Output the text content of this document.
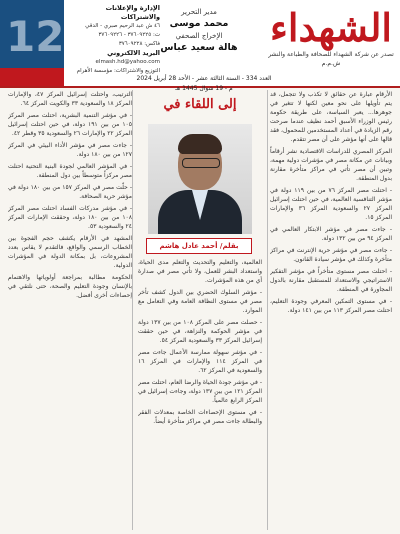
الشهداء
تصدر عن شركة الشهداء للصحافة والطباعة والنشر ش.م.م
مدير التحرير
محمد موسى
الإخراج الصحفي
هالة سعيد عباس
الإدارة والإعلانات والاشتراكات
٤٦ ش عبد الرحيم صبري - الدقي
ت: ٣٧٦٠٩٢٢٥ - ٣٧٦٠٩٢٢٦
فاكس: ٣٧٦٠٩٢٢٨
البريد الالكتروني
elmash.hd@yahoo.com
التوزيع والاشتراكات: مؤسسة الأهرام
12
العدد 334 - السنة الثالثة عشر - الأحد 28 أبريل 2024 م - 19 شوال 1445 هـ

الأرقام عبارة عن حقائق لا تكذب ولا تتجمل، قد يتم تأويلها على نحو معين لكنها لا تتغير في جوهرها... يعبر السياسة، على طريقة حكومة رئيس الوزراء الأسبق أحمد نظيف عندما صرحت رقم الزيادة في أعداد المستخدمين للمحمول، فقد قالها على أنها مؤشر على أن مصر تتقدم.

المركز المصري للدراسات الاقتصادية نشر أرقاماً وبيانات عن مكانة مصر في مؤشرات دولية مهمة، وتبين أن مصر تأتي في مراكز متأخرة مقارنة بدول المنطقة.

- احتلت مصر المركز ٧٦ من بين ١١٩ دولة في مؤشر التنافسية العالمية، في حين احتلت إسرائيل المركز ٢٧ والسعودية المركز ٣٦ والإمارات المركز ١٥.

- جاءت مصر في مؤشر الابتكار العالمي في المركز ٩٤ من بين ١٣٢ دولة.

- جاءت مصر في مؤشر حرية الإنترنت في مراكز متأخرة وكذلك في مؤشر سيادة القانون.

- احتلت مصر مستوى متأخراً في مؤشر التفكير الاستراتيجي والاستعداد للمستقبل مقارنة بالدول المجاورة في المنطقة.

- في مستوى التمكين المعرفي وجودة التعليم، احتلت مصر المركز ١١٣ من بين ١٤١ دولة.

إلى اللقاء في
بقلم/ أحمد عادل هاشم

العالمية، والتعليم والتحديث والتعلم مدى الحياة، واستعداد البشر للعمل، ولا تأتي مصر في صدارة أي من هذه المؤشرات.

- مؤشر السلوك الحضري بين الدول كشف تأخر مصر في مستوى النظافة العامة وفي التعامل مع الموارد.

- حصلت مصر على المركز ١٠٨ من بين ١٣٧ دولة في مؤشر الحوكمة والنزاهة، في حين حققت إسرائيل المركز ٣٣ والسعودية المركز ٥٤.

- في مؤشر سهولة ممارسة الأعمال جاءت مصر في المركز ١١٤ والإمارات في المركز ١٦ والسعودية في المركز ٦٢.

- في مؤشر جودة الحياة والرضا العام، احتلت مصر المركز ١٢١ من بين ١٣٧ دولة، وجاءت إسرائيل في المركز الرابع عالمياً.

- في مستوى الإحصاءات الخاصة بمعدلات الفقر والبطالة جاءت مصر في مراكز متأخرة أيضاً.

الترتيب، واحتلت إسرائيل المركز ٤٧، والإمارات المركز ١٨ والسعودية ٣٣ والكويت المركز ٦٤.

- في مؤشر التنمية البشرية، احتلت مصر المركز ١٠٥ من بين ١٩١ دولة، في حين احتلت إسرائيل المركز ٢٢ والإمارات ٢٦ والسعودية ٣٥ وقطر ٤٢.

- جاءت مصر في مؤشر الأداء البيئي في المركز ١٢٧ من بين ١٨٠ دولة.

- في المؤشر العالمي لجودة البنية التحتية احتلت مصر مركزاً متوسطاً بين دول المنطقة.

- حلّت مصر في المركز ١٥٧ من بين ١٨٠ دولة في مؤشر حرية الصحافة.

- في مؤشر مدركات الفساد احتلت مصر المركز ١٠٨ من بين ١٨٠ دولة، وحققت الإمارات المركز ٢٤ والسعودية ٥٣.

المشهد في الأرقام يكشف حجم الفجوة بين الخطاب الرسمي والواقع، فالتقدم لا يقاس بعدد المشروعات، بل بمكانة الدولة في المؤشرات الدولية.

الحكومة مطالبة بمراجعة أولوياتها والاهتمام بالإنسان وجودة التعليم والصحة، حتى نلتقي في إحصاءات أخرى أفضل.
